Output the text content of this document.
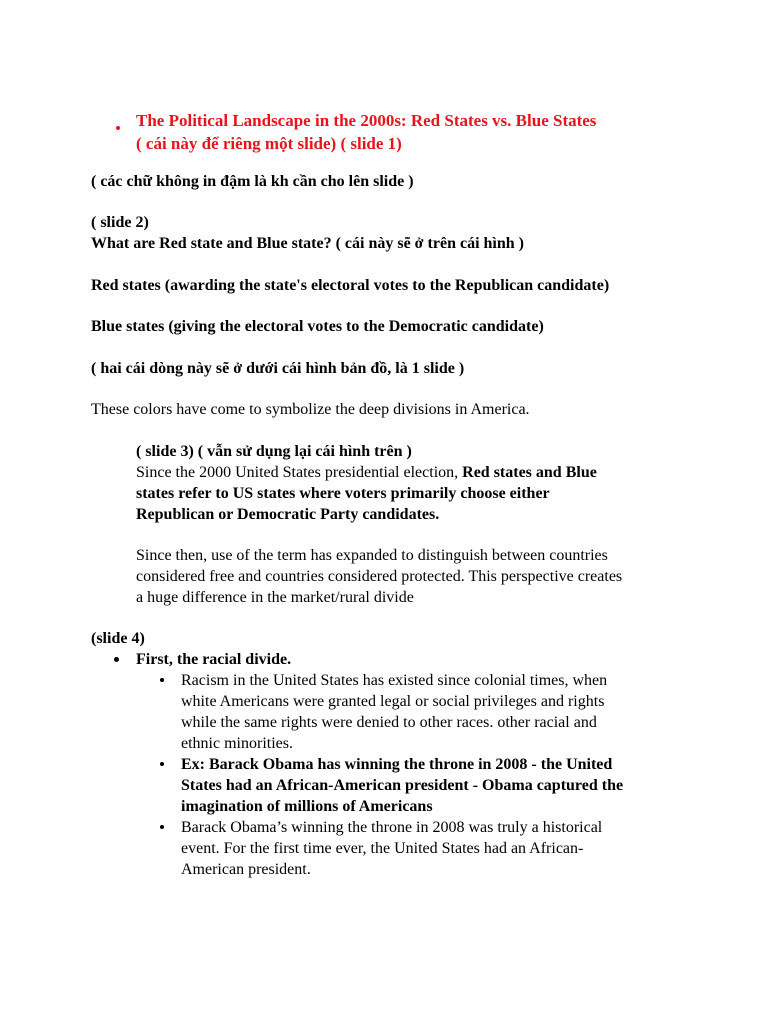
The Political Landscape in the 2000s: Red States vs. Blue States
( cái này để riêng một slide) ( slide 1)

( các chữ không in đậm là kh cần cho lên slide )

( slide 2)

What are Red state and Blue state? ( cái này sẽ ở trên cái hình )

Red states (awarding the state's electoral votes to the Republican candidate)

Blue states (giving the electoral votes to the Democratic candidate)

( hai cái dòng này sẽ ở dưới cái hình bản đồ, là 1 slide )

These colors have come to symbolize the deep divisions in America.

( slide 3) ( vẫn sử dụng lại cái hình trên )

Since the 2000 United States presidential election, Red states and Blue

states refer to US states where voters primarily choose either

Republican or Democratic Party candidates.

Since then, use of the term has expanded to distinguish between countries

considered free and countries considered protected. This perspective creates

a huge difference in the market/rural divide

(slide 4)

First, the racial divide.

Racism in the United States has existed since colonial times, when

white Americans were granted legal or social privileges and rights

while the same rights were denied to other races. other racial and

ethnic minorities.

Ex: Barack Obama has winning the throne in 2008 - the United

States had an African-American president - Obama captured the

imagination of millions of Americans

Barack Obama’s winning the throne in 2008 was truly a historical

event. For the first time ever, the United States had an African-

American president.
